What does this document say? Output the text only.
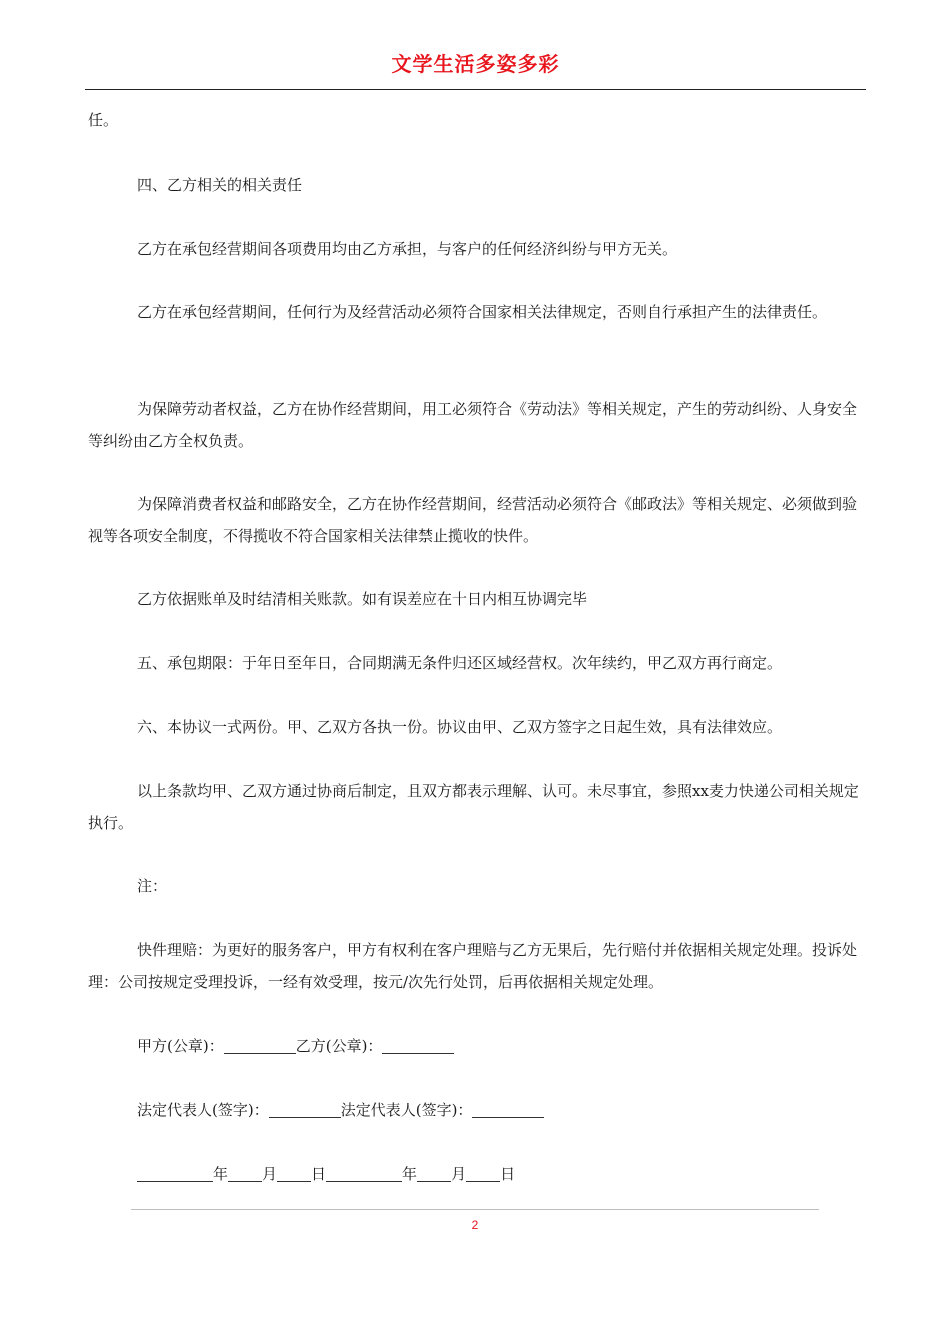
文学生活多姿多彩
任。
四、乙方相关的相关责任
乙方在承包经营期间各项费用均由乙方承担，与客户的任何经济纠纷与甲方无关。
乙方在承包经营期间，任何行为及经营活动必须符合国家相关法律规定，否则自行承担产生的法律责任。
为保障劳动者权益，乙方在协作经营期间，用工必须符合《劳动法》等相关规定，产生的劳动纠纷、人身安全等纠纷由乙方全权负责。
为保障消费者权益和邮路安全，乙方在协作经营期间，经营活动必须符合《邮政法》等相关规定、必须做到验视等各项安全制度，不得揽收不符合国家相关法律禁止揽收的快件。
乙方依据账单及时结清相关账款。如有误差应在十日内相互协调完毕
五、承包期限：于年日至年日，合同期满无条件归还区域经营权。次年续约，甲乙双方再行商定。
六、本协议一式两份。甲、乙双方各执一份。协议由甲、乙双方签字之日起生效，具有法律效应。
以上条款均甲、乙双方通过协商后制定，且双方都表示理解、认可。未尽事宜，参照xx麦力快递公司相关规定执行。
注：
快件理赔：为更好的服务客户，甲方有权利在客户理赔与乙方无果后，先行赔付并依据相关规定处理。投诉处理：公司按规定受理投诉，一经有效受理，按元/次先行处罚，后再依据相关规定处理。
甲方(公章)：	乙方(公章)：
法定代表人(签字)：	法定代表人(签字)：
年 月 日	年 月 日
2
